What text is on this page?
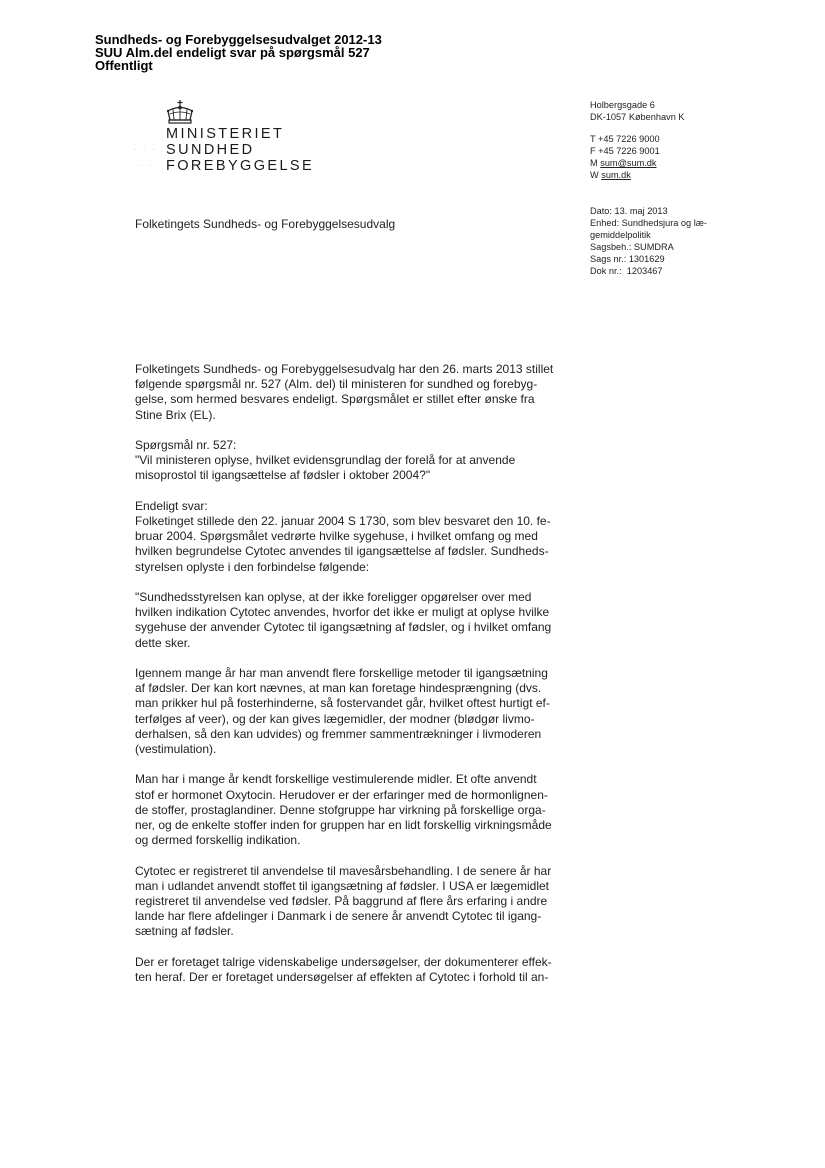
Sundheds- og Forebyggelsesudvalget 2012-13
SUU Alm.del endeligt svar på spørgsmål 527
Offentligt
· · ·
· ·
MINISTERIET
SUNDHED
FOREBYGGELSE
Holbergsgade 6
DK-1057 København K
T +45 7226 9000
F +45 7226 9001
M sum@sum.dk
W sum.dk
Dato: 13. maj 2013
Enhed: Sundhedsjura og læ-
gemiddelpolitik
Sagsbeh.: SUMDRA
Sags nr.: 1301629
Dok nr.:  1203467
Folketingets Sundheds- og Forebyggelsesudvalg
Folketingets Sundheds- og Forebyggelsesudvalg har den 26. marts 2013 stillet
følgende spørgsmål nr. 527 (Alm. del) til ministeren for sundhed og forebyg-
gelse, som hermed besvares endeligt. Spørgsmålet er stillet efter ønske fra
Stine Brix (EL).
Spørgsmål nr. 527:
"Vil ministeren oplyse, hvilket evidensgrundlag der forelå for at anvende
misoprostol til igangsættelse af fødsler i oktober 2004?"
Endeligt svar:
Folketinget stillede den 22. januar 2004 S 1730, som blev besvaret den 10. fe-
bruar 2004. Spørgsmålet vedrørte hvilke sygehuse, i hvilket omfang og med
hvilken begrundelse Cytotec anvendes til igangsættelse af fødsler. Sundheds-
styrelsen oplyste i den forbindelse følgende:
"Sundhedsstyrelsen kan oplyse, at der ikke foreligger opgørelser over med
hvilken indikation Cytotec anvendes, hvorfor det ikke er muligt at oplyse hvilke
sygehuse der anvender Cytotec til igangsætning af fødsler, og i hvilket omfang
dette sker.
Igennem mange år har man anvendt flere forskellige metoder til igangsætning
af fødsler. Der kan kort nævnes, at man kan foretage hindesprængning (dvs.
man prikker hul på fosterhinderne, så fostervandet går, hvilket oftest hurtigt ef-
terfølges af veer), og der kan gives lægemidler, der modner (blødgør livmo-
derhalsen, så den kan udvides) og fremmer sammentrækninger i livmoderen
(vestimulation).
Man har i mange år kendt forskellige vestimulerende midler. Et ofte anvendt
stof er hormonet Oxytocin. Herudover er der erfaringer med de hormonlignen-
de stoffer, prostaglandiner. Denne stofgruppe har virkning på forskellige orga-
ner, og de enkelte stoffer inden for gruppen har en lidt forskellig virkningsmåde
og dermed forskellig indikation.
Cytotec er registreret til anvendelse til mavesårsbehandling. I de senere år har
man i udlandet anvendt stoffet til igangsætning af fødsler. I USA er lægemidlet
registreret til anvendelse ved fødsler. På baggrund af flere års erfaring i andre
lande har flere afdelinger i Danmark i de senere år anvendt Cytotec til igang-
sætning af fødsler.
Der er foretaget talrige videnskabelige undersøgelser, der dokumenterer effek-
ten heraf. Der er foretaget undersøgelser af effekten af Cytotec i forhold til an-
